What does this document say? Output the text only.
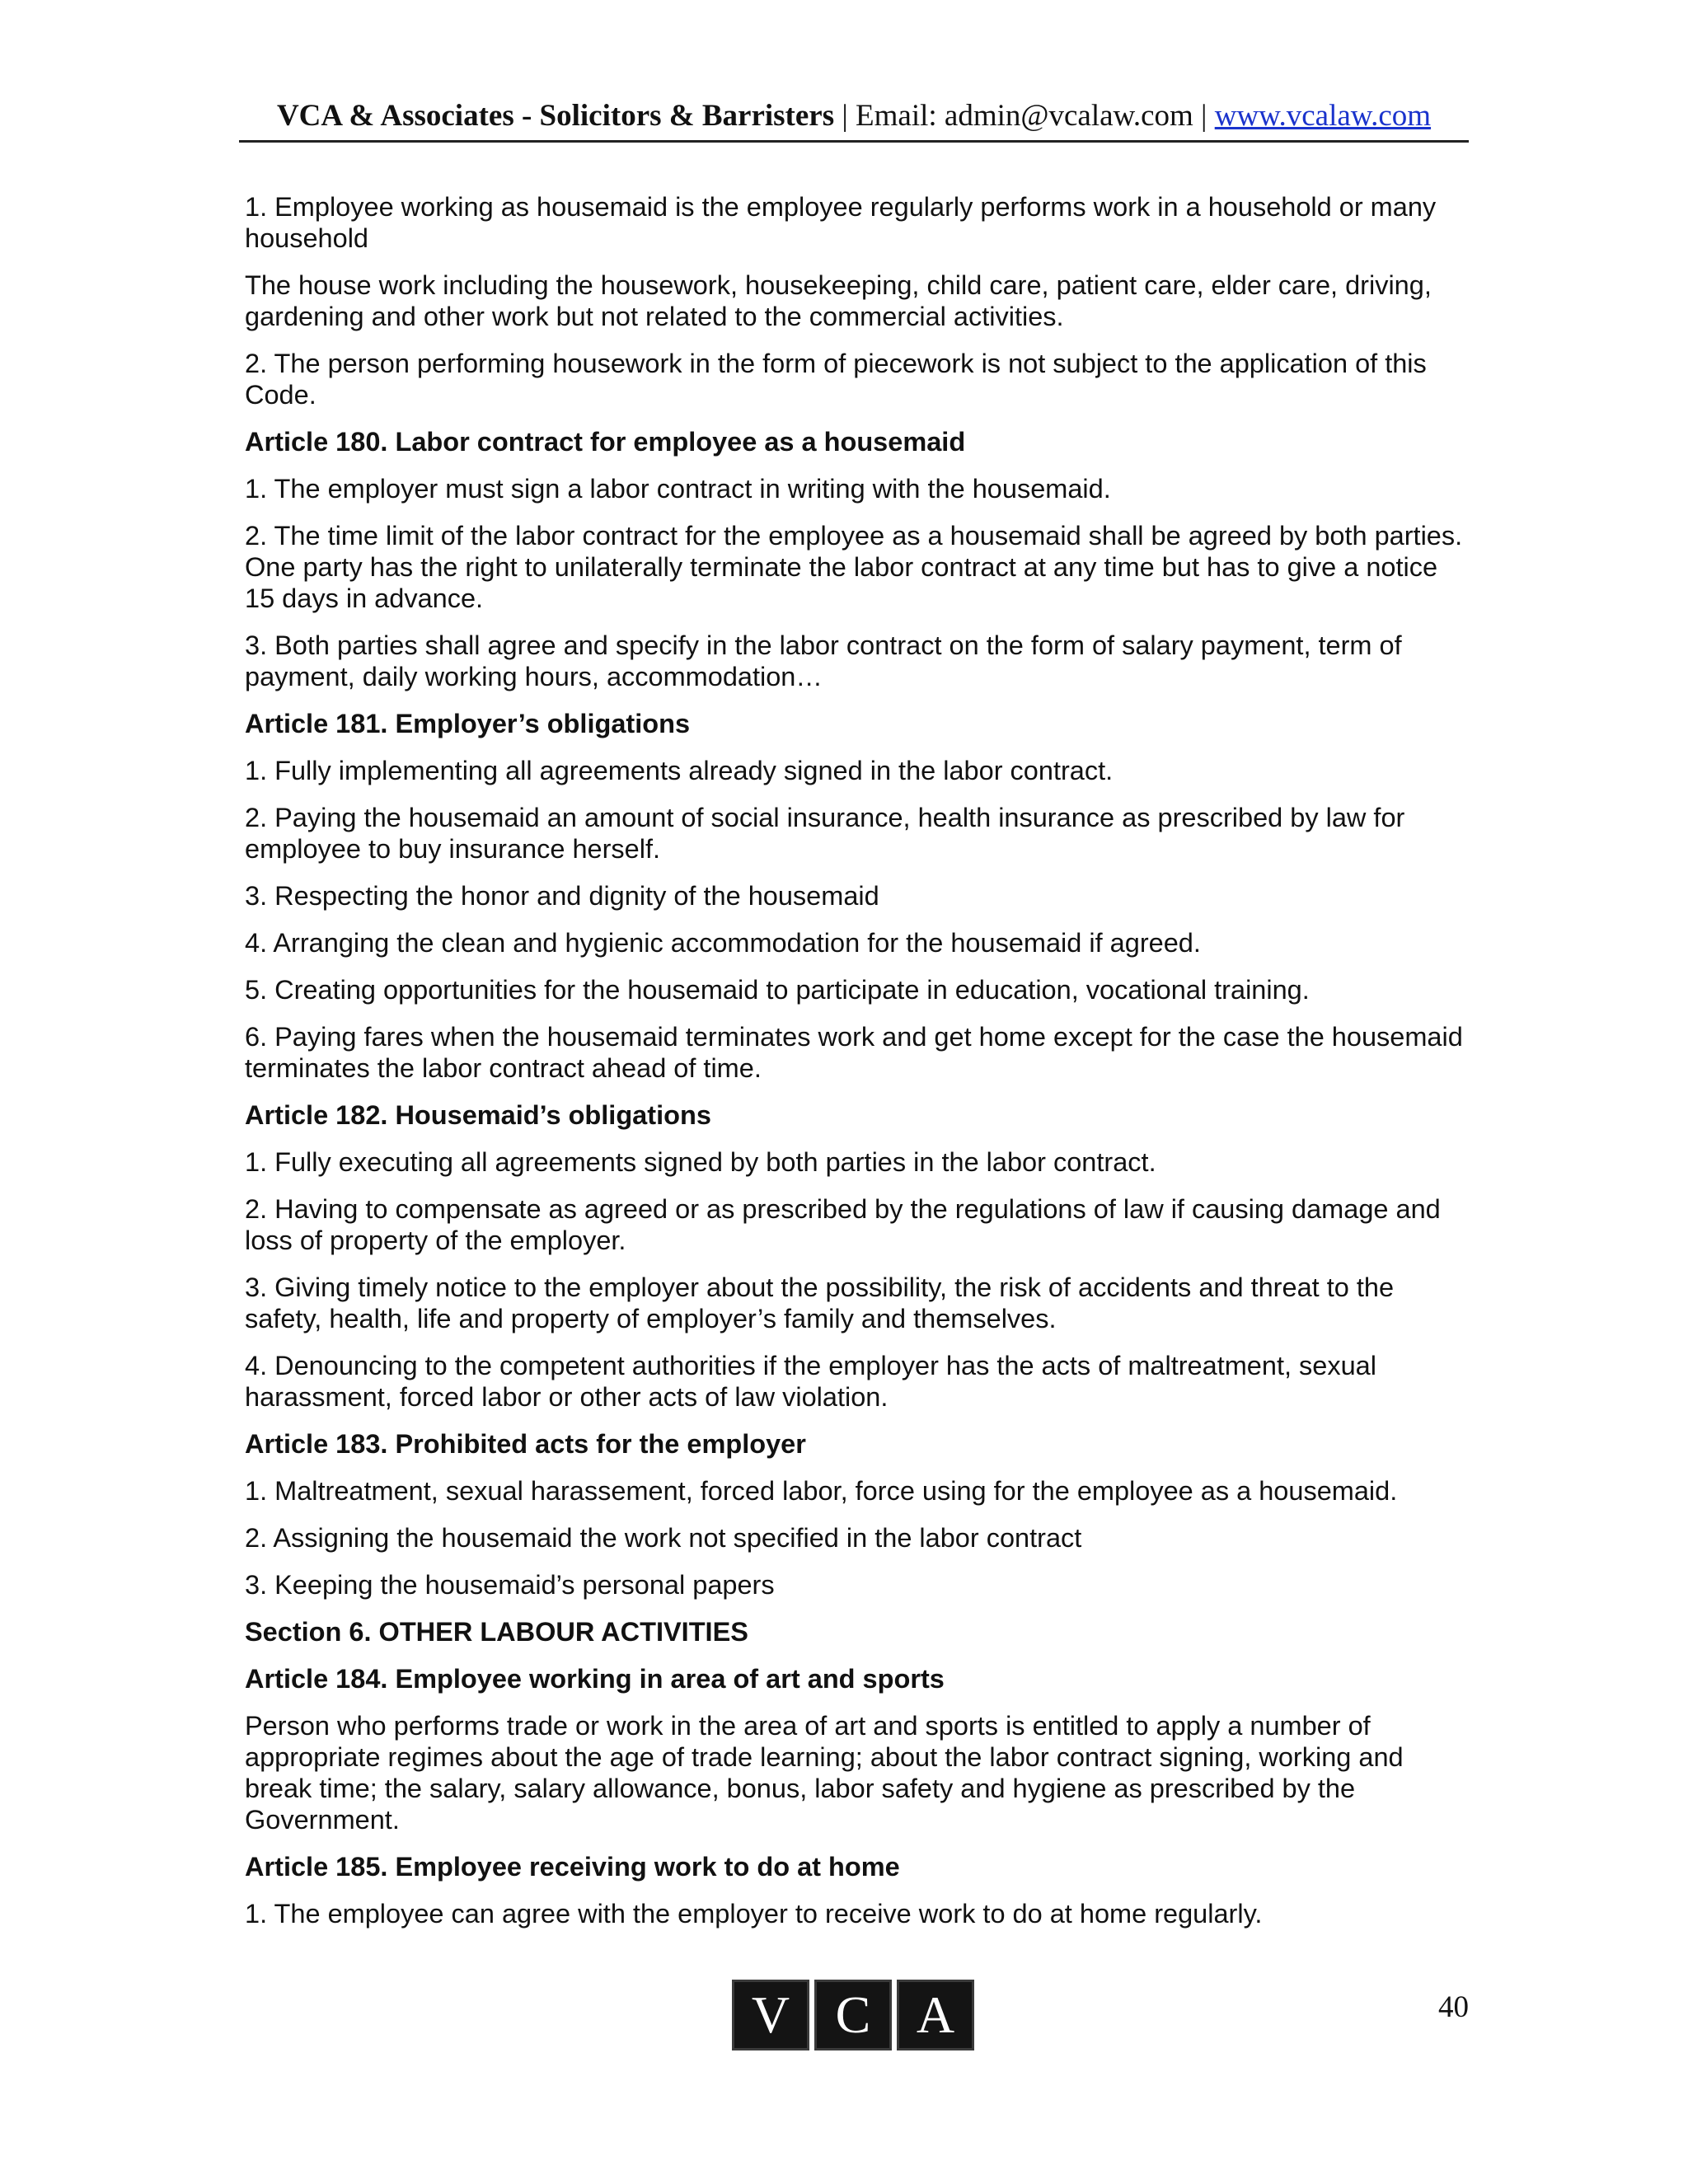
VCA & Associates - Solicitors & Barristers | Email: admin@vcalaw.com | www.vcalaw.com

1. Employee working as housemaid is the employee regularly performs work in a household or many household

The house work including the housework, housekeeping, child care, patient care, elder care, driving, gardening and other work but not related to the commercial activities.

2. The person performing housework in the form of piecework is not subject to the application of this Code.

Article 180. Labor contract for employee as a housemaid

1. The employer must sign a labor contract in writing with the housemaid.

2. The time limit of the labor contract for the employee as a housemaid shall be agreed by both parties. One party has the right to unilaterally terminate the labor contract at any time but has to give a notice 15 days in advance.

3. Both parties shall agree and specify in the labor contract on the form of salary payment, term of payment, daily working hours, accommodation…

Article 181. Employer’s obligations

1. Fully implementing all agreements already signed in the labor contract.

2. Paying the housemaid an amount of social insurance, health insurance as prescribed by law for employee to buy insurance herself.

3. Respecting the honor and dignity of the housemaid

4. Arranging the clean and hygienic accommodation for the housemaid if agreed.

5. Creating opportunities for the housemaid to participate in education, vocational training.

6. Paying fares when the housemaid terminates work and get home except for the case the housemaid terminates the labor contract ahead of time.

Article 182. Housemaid’s obligations

1. Fully executing all agreements signed by both parties in the labor contract.

2. Having to compensate as agreed or as prescribed by the regulations of law if causing damage and loss of property of the employer.

3. Giving timely notice to the employer about the possibility, the risk of accidents and threat to the safety, health, life and property of employer’s family and themselves.

4. Denouncing to the competent authorities if the employer has the acts of maltreatment, sexual harassment, forced labor or other acts of law violation.

Article 183. Prohibited acts for the employer

1. Maltreatment, sexual harassement, forced labor, force using for the employee as a housemaid.

2. Assigning the housemaid the work not specified in the labor contract

3. Keeping the housemaid’s personal papers

Section 6. OTHER LABOUR ACTIVITIES

Article 184. Employee working in area of art and sports

Person who performs trade or work in the area of art and sports is entitled to apply a number of appropriate regimes about the age of trade learning; about the labor contract signing, working and break time; the salary, salary allowance, bonus, labor safety and hygiene as prescribed by the Government.

Article 185. Employee receiving work to do at home

1. The employee can agree with the employer to receive work to do at home regularly.

V C A	40
